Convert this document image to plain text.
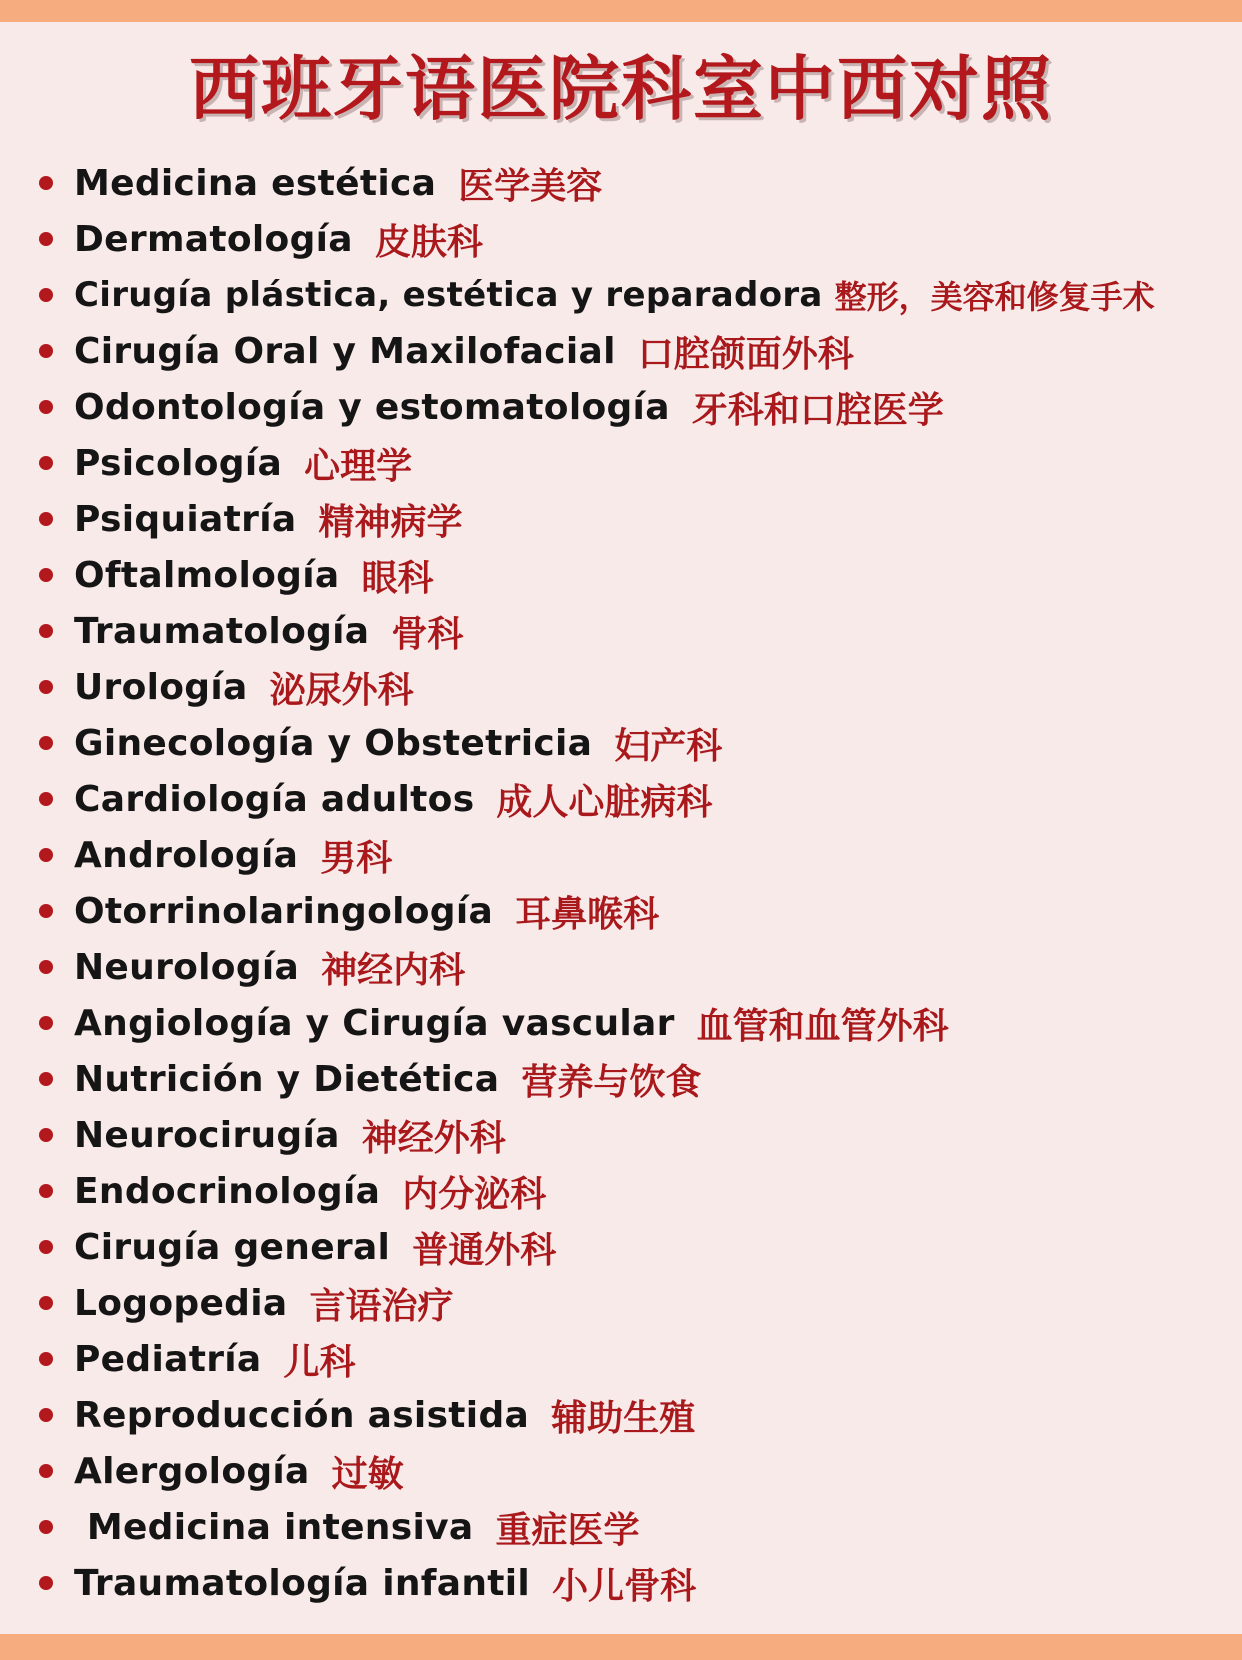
西班牙语医院科室中西对照
Medicina estética 医学美容
Dermatología 皮肤科
Cirugía plástica, estética y reparadora 整形，美容和修复手术
Cirugía Oral y Maxilofacial 口腔颌面外科
Odontología y estomatología 牙科和口腔医学
Psicología 心理学
Psiquiatría 精神病学
Oftalmología 眼科
Traumatología 骨科
Urología 泌尿外科
Ginecología y Obstetricia 妇产科
Cardiología adultos 成人心脏病科
Andrología 男科
Otorrinolaringología 耳鼻喉科
Neurología 神经内科
Angiología y Cirugía vascular 血管和血管外科
Nutrición y Dietética 营养与饮食
Neurocirugía 神经外科
Endocrinología 内分泌科
Cirugía general 普通外科
Logopedia 言语治疗
Pediatría 儿科
Reproducción asistida 辅助生殖
Alergología 过敏
Medicina intensiva 重症医学
Traumatología infantil 小儿骨科
